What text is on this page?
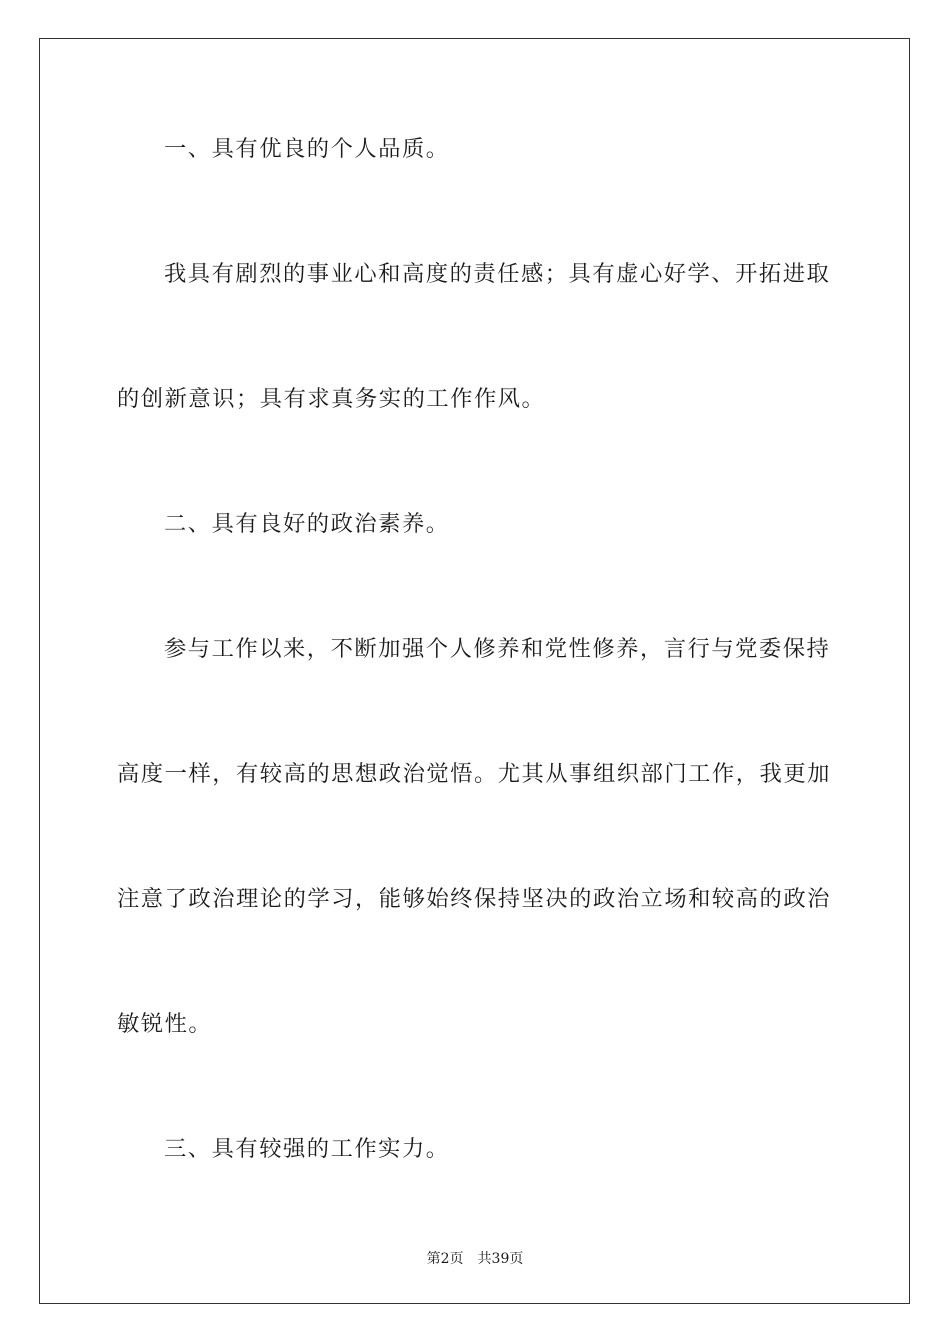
一、具有优良的个人品质。
我具有剧烈的事业心和高度的责任感；具有虚心好学、开拓进取
的创新意识；具有求真务实的工作作风。
二、具有良好的政治素养。
参与工作以来，不断加强个人修养和党性修养，言行与党委保持
高度一样，有较高的思想政治觉悟。尤其从事组织部门工作，我更加
注意了政治理论的学习，能够始终保持坚决的政治立场和较高的政治
敏锐性。
三、具有较强的工作实力。
第2页 共39页
